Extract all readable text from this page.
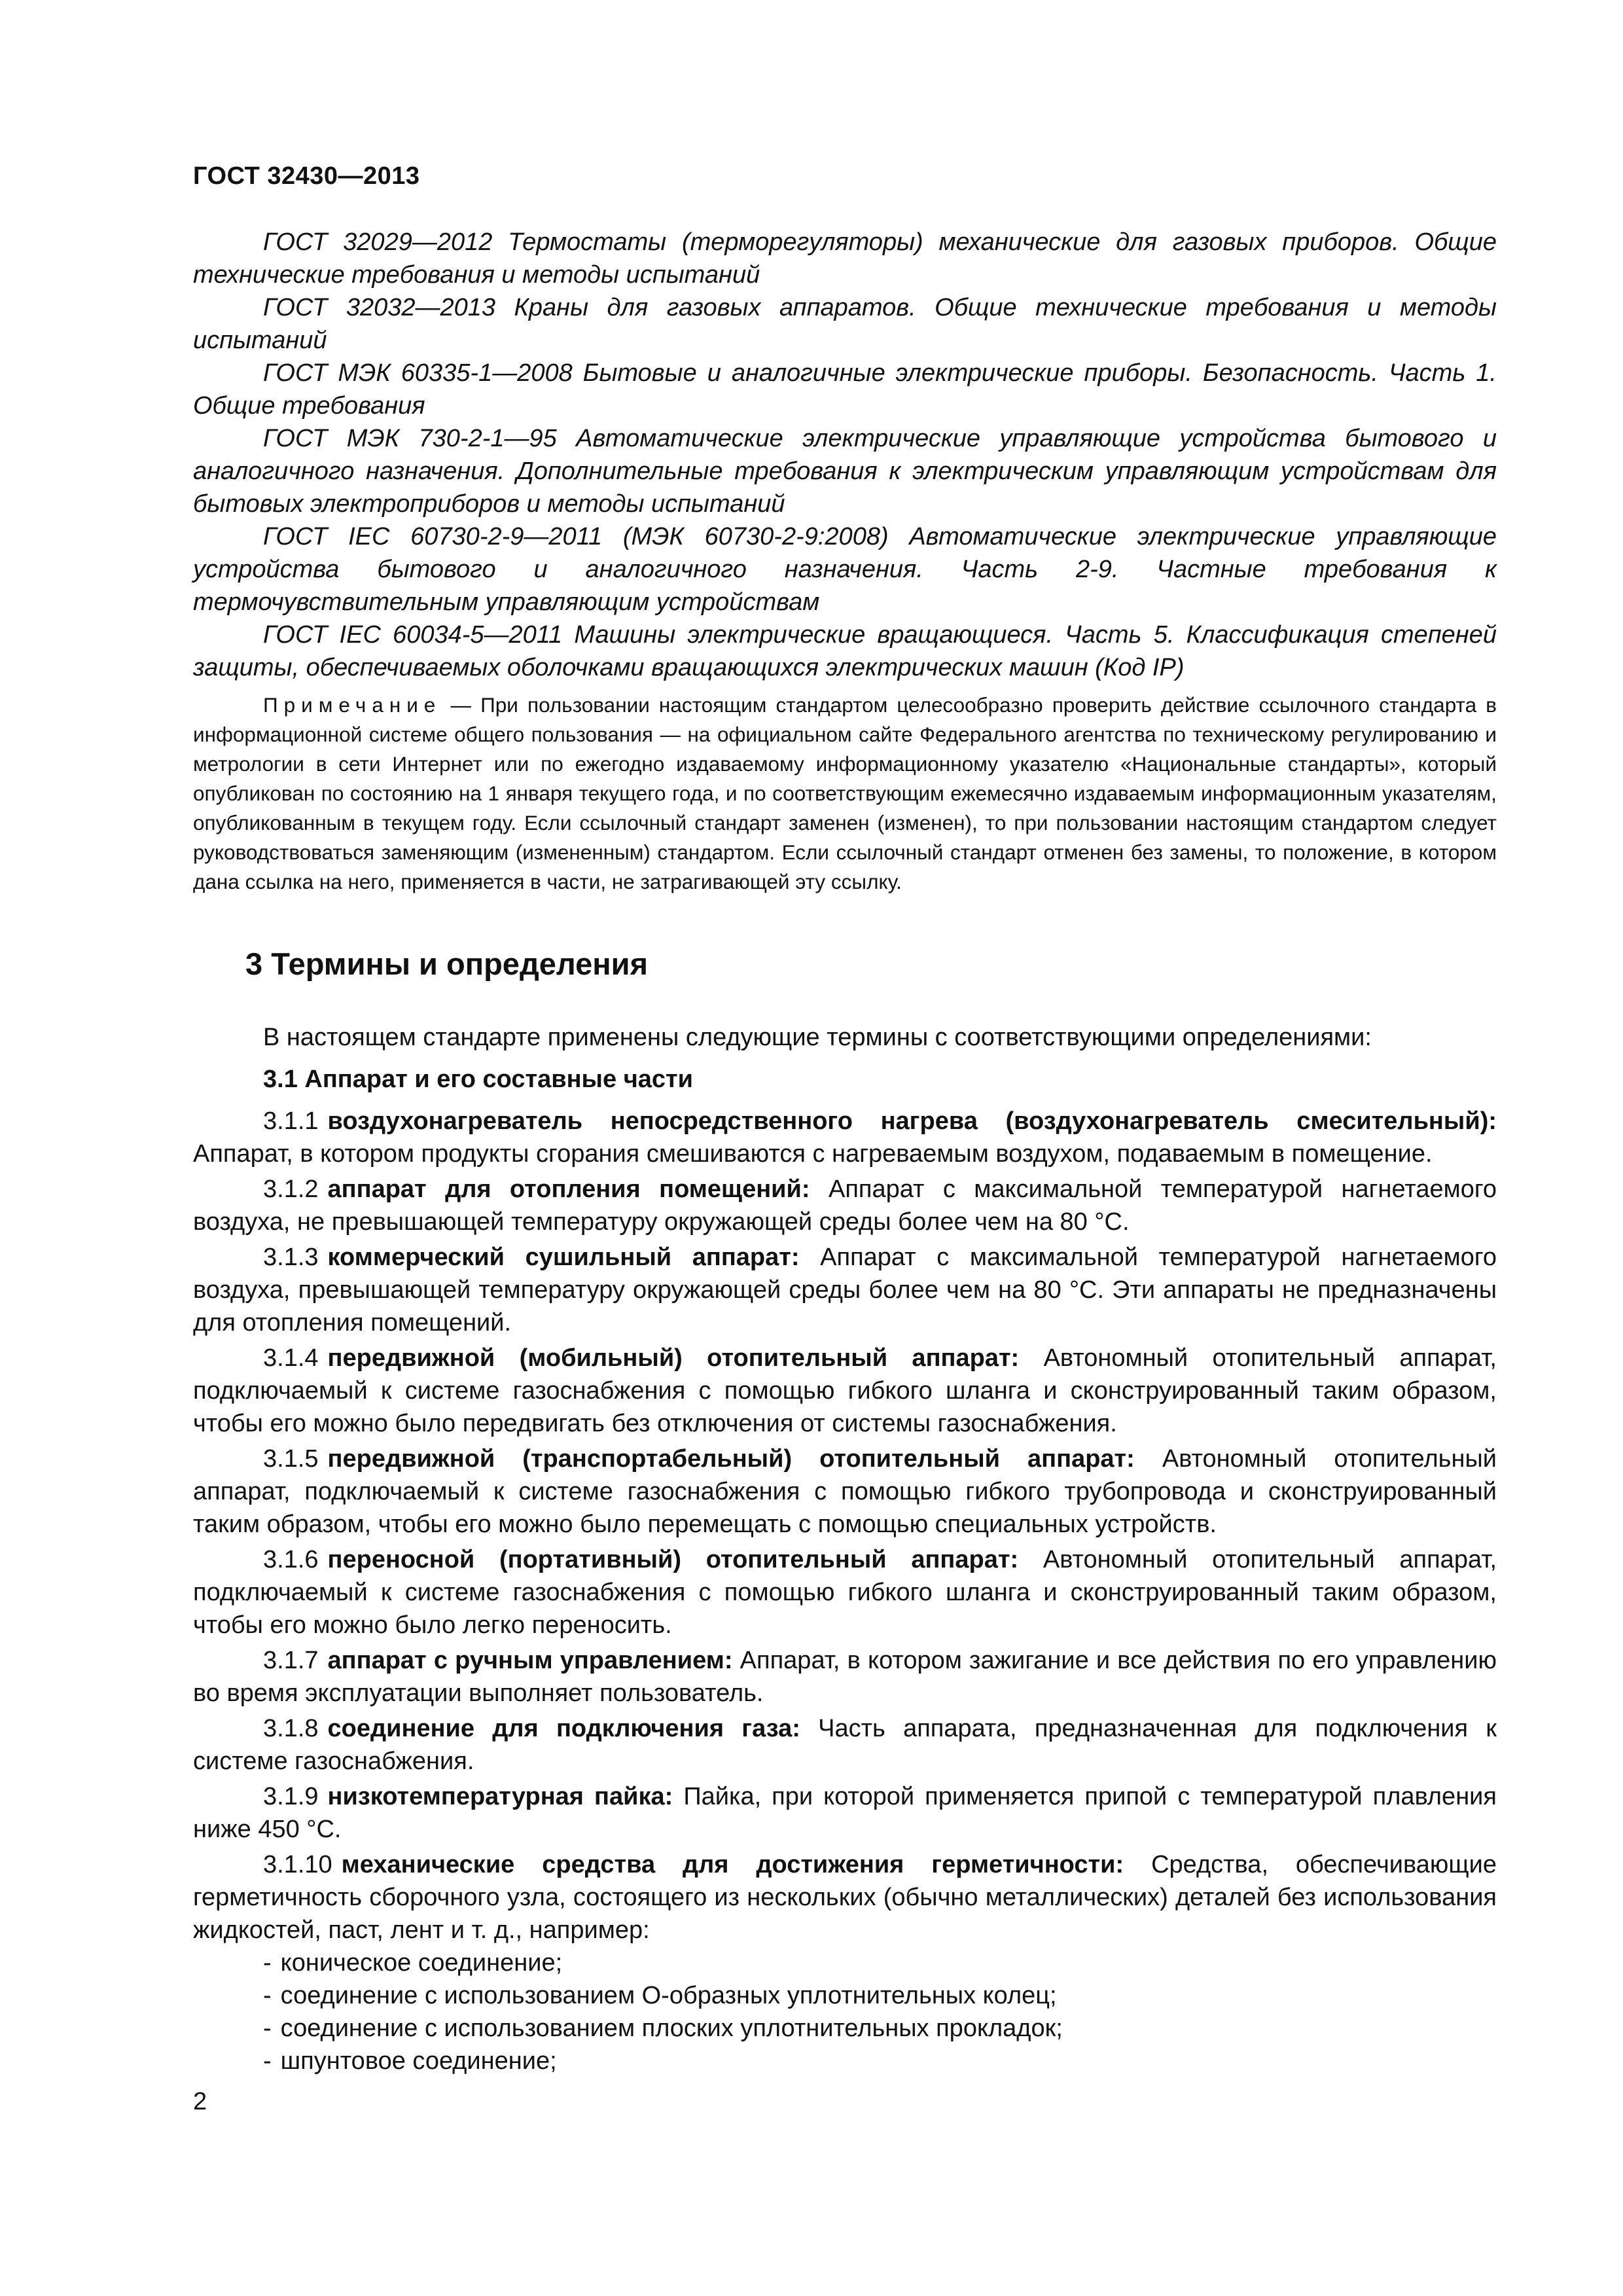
ГОСТ 32430—2013

ГОСТ 32029—2012 Термостаты (терморегуляторы) механические для газовых приборов. Общие технические требования и методы испытаний

ГОСТ 32032—2013 Краны для газовых аппаратов. Общие технические требования и методы испытаний

ГОСТ МЭК 60335-1—2008 Бытовые и аналогичные электрические приборы. Безопасность. Часть 1. Общие требования

ГОСТ МЭК 730-2-1—95 Автоматические электрические управляющие устройства бытового и аналогичного назначения. Дополнительные требования к электрическим управляющим устройствам для бытовых электроприборов и методы испытаний

ГОСТ IEC 60730-2-9—2011 (МЭК 60730-2-9:2008) Автоматические электрические управляющие устройства бытового и аналогичного назначения. Часть 2-9. Частные требования к термочувствительным управляющим устройствам

ГОСТ IEC 60034-5—2011 Машины электрические вращающиеся. Часть 5. Классификация степеней защиты, обеспечиваемых оболочками вращающихся электрических машин (Код IP)

Примечание — При пользовании настоящим стандартом целесообразно проверить действие ссылочного стандарта в информационной системе общего пользования — на официальном сайте Федерального агентства по техническому регулированию и метрологии в сети Интернет или по ежегодно издаваемому информационному указателю «Национальные стандарты», который опубликован по состоянию на 1 января текущего года, и по соответствующим ежемесячно издаваемым информационным указателям, опубликованным в текущем году. Если ссылочный стандарт заменен (изменен), то при пользовании настоящим стандартом следует руководствоваться заменяющим (измененным) стандартом. Если ссылочный стандарт отменен без замены, то положение, в котором дана ссылка на него, применяется в части, не затрагивающей эту ссылку.

3 Термины и определения

В настоящем стандарте применены следующие термины с соответствующими определениями:

3.1 Аппарат и его составные части

3.1.1 воздухонагреватель непосредственного нагрева (воздухонагреватель смесительный): Аппарат, в котором продукты сгорания смешиваются с нагреваемым воздухом, подаваемым в помещение.

3.1.2 аппарат для отопления помещений: Аппарат с максимальной температурой нагнетаемого воздуха, не превышающей температуру окружающей среды более чем на 80 °С.

3.1.3 коммерческий сушильный аппарат: Аппарат с максимальной температурой нагнетаемого воздуха, превышающей температуру окружающей среды более чем на 80 °С. Эти аппараты не предназначены для отопления помещений.

3.1.4 передвижной (мобильный) отопительный аппарат: Автономный отопительный аппарат, подключаемый к системе газоснабжения с помощью гибкого шланга и сконструированный таким образом, чтобы его можно было передвигать без отключения от системы газоснабжения.

3.1.5 передвижной (транспортабельный) отопительный аппарат: Автономный отопительный аппарат, подключаемый к системе газоснабжения с помощью гибкого трубопровода и сконструированный таким образом, чтобы его можно было перемещать с помощью специальных устройств.

3.1.6 переносной (портативный) отопительный аппарат: Автономный отопительный аппарат, подключаемый к системе газоснабжения с помощью гибкого шланга и сконструированный таким образом, чтобы его можно было легко переносить.

3.1.7 аппарат с ручным управлением: Аппарат, в котором зажигание и все действия по его управлению во время эксплуатации выполняет пользователь.

3.1.8 соединение для подключения газа: Часть аппарата, предназначенная для подключения к системе газоснабжения.

3.1.9 низкотемпературная пайка: Пайка, при которой применяется припой с температурой плавления ниже 450 °С.

3.1.10 механические средства для достижения герметичности: Средства, обеспечивающие герметичность сборочного узла, состоящего из нескольких (обычно металлических) деталей без использования жидкостей, паст, лент и т. д., например:

- коническое соединение;
- соединение с использованием О-образных уплотнительных колец;
- соединение с использованием плоских уплотнительных прокладок;
- шпунтовое соединение;
2
